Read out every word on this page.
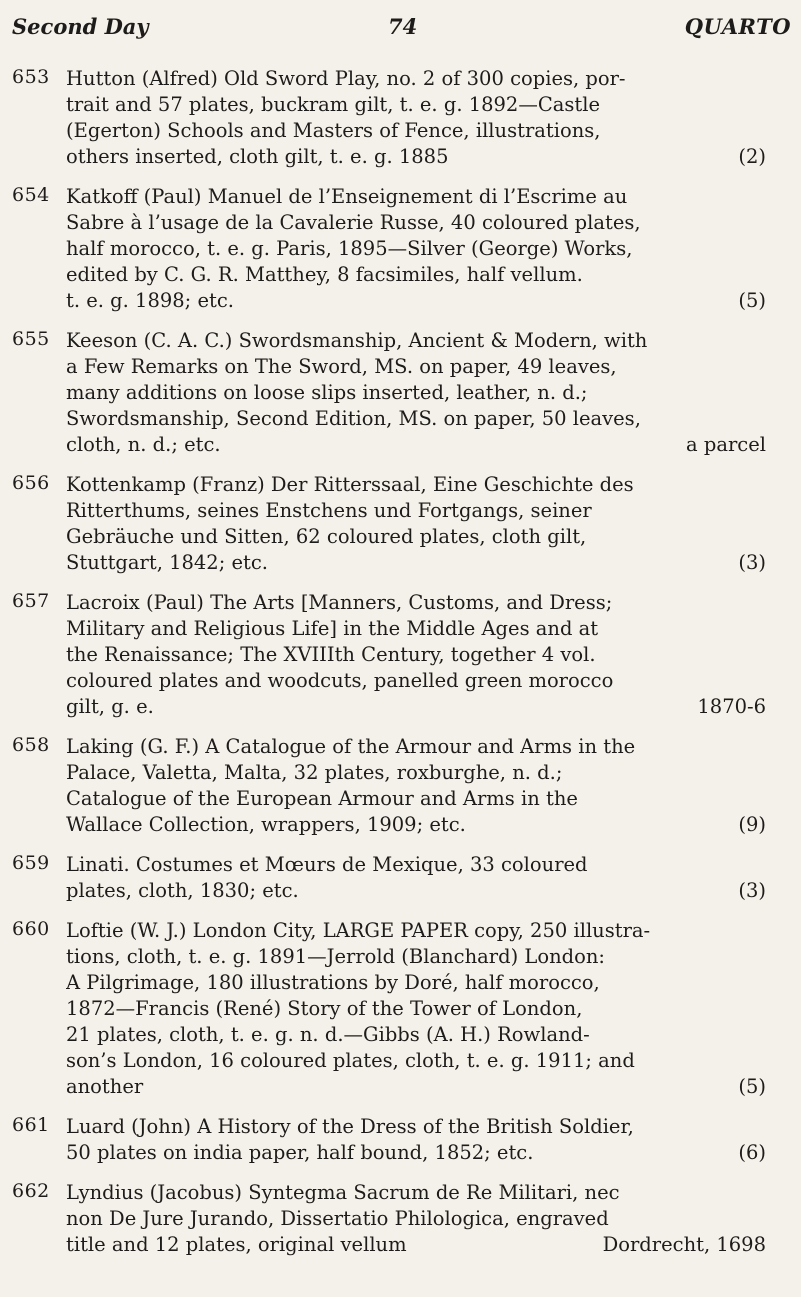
Second Day	74	QUARTO
653 Hutton (Alfred) Old Sword Play, no. 2 of 300 copies, por-
trait and 57 plates, buckram gilt, t. e. g. 1892—Castle
(Egerton) Schools and Masters of Fence, illustrations,
others inserted, cloth gilt, t. e. g. 1885	(2)
654 Katkoff (Paul) Manuel de l’Enseignement di l’Escrime au
Sabre à l’usage de la Cavalerie Russe, 40 coloured plates,
half morocco, t. e. g. Paris, 1895—Silver (George) Works,
edited by C. G. R. Matthey, 8 facsimiles, half vellum.
t. e. g. 1898; etc.	(5)
655 Keeson (C. A. C.) Swordsmanship, Ancient & Modern, with
a Few Remarks on The Sword, MS. on paper, 49 leaves,
many additions on loose slips inserted, leather, n. d.;
Swordsmanship, Second Edition, MS. on paper, 50 leaves,
cloth, n. d.; etc.	a parcel
656 Kottenkamp (Franz) Der Ritterssaal, Eine Geschichte des
Ritterthums, seines Enstchens und Fortgangs, seiner
Gebräuche und Sitten, 62 coloured plates, cloth gilt,
Stuttgart, 1842; etc.	(3)
657 Lacroix (Paul) The Arts [Manners, Customs, and Dress;
Military and Religious Life] in the Middle Ages and at
the Renaissance; The XVIIIth Century, together 4 vol.
coloured plates and woodcuts, panelled green morocco
gilt, g. e.	1870-6
658 Laking (G. F.) A Catalogue of the Armour and Arms in the
Palace, Valetta, Malta, 32 plates, roxburghe, n. d.;
Catalogue of the European Armour and Arms in the
Wallace Collection, wrappers, 1909; etc.	(9)
659 Linati. Costumes et Mœurs de Mexique, 33 coloured
plates, cloth, 1830; etc.	(3)
660 Loftie (W. J.) London City, LARGE PAPER copy, 250 illustra-
tions, cloth, t. e. g. 1891—Jerrold (Blanchard) London:
A Pilgrimage, 180 illustrations by Doré, half morocco,
1872—Francis (René) Story of the Tower of London,
21 plates, cloth, t. e. g. n. d.—Gibbs (A. H.) Rowland-
son’s London, 16 coloured plates, cloth, t. e. g. 1911; and
another	(5)
661 Luard (John) A History of the Dress of the British Soldier,
50 plates on india paper, half bound, 1852; etc.	(6)
662 Lyndius (Jacobus) Syntegma Sacrum de Re Militari, nec
non De Jure Jurando, Dissertatio Philologica, engraved
title and 12 plates, original vellum	Dordrecht, 1698
